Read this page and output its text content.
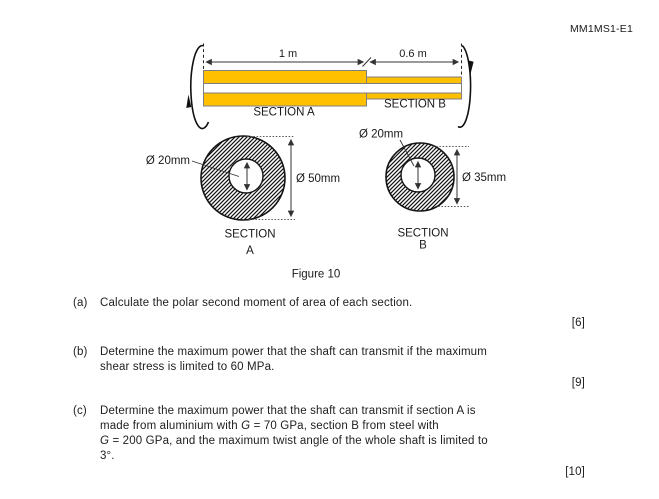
MM1MS1-E1
1 m	0.6 m
SECTION A
SECTION B
Ø 20mm
Ø 50mm
SECTION
A
Ø 20mm
Ø 35mm
SECTION
B
Figure 10
(a) Calculate the polar second moment of area of each section.
[6]
(b) Determine the maximum power that the shaft can transmit if the maximum
shear stress is limited to 60 MPa.
[9]
(c) Determine the maximum power that the shaft can transmit if section A is
made from aluminium with G = 70 GPa, section B from steel with
G = 200 GPa, and the maximum twist angle of the whole shaft is limited to
3°.
[10]
